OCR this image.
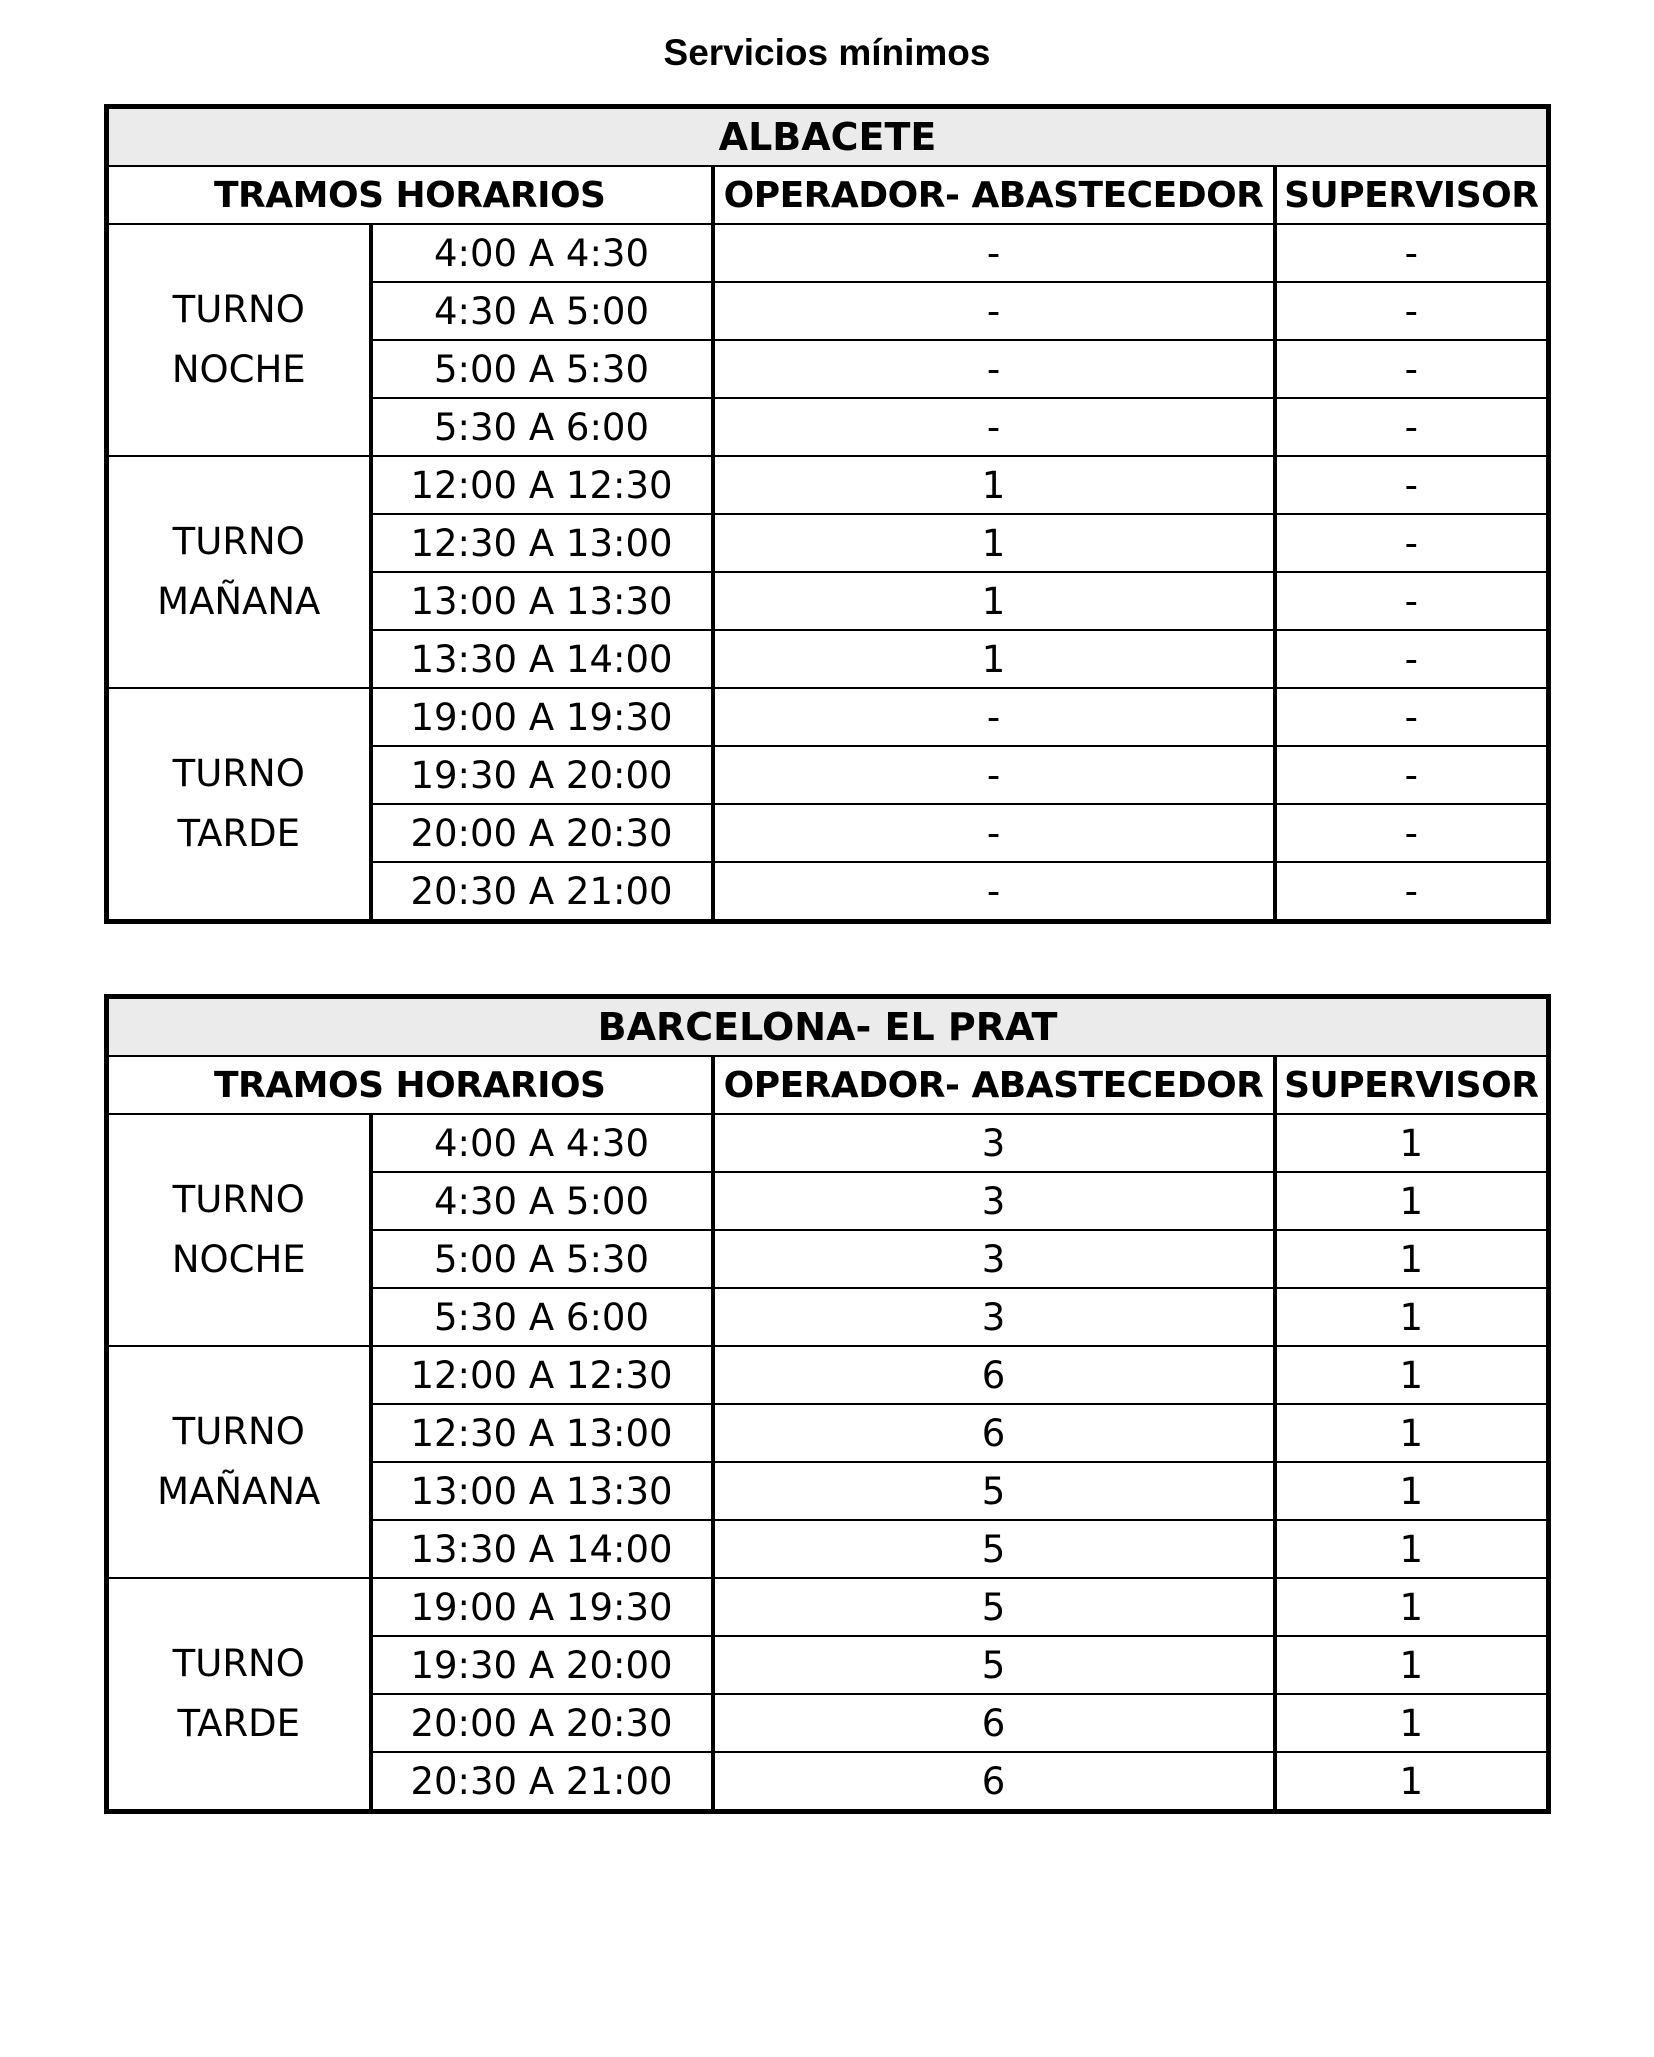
Servicios mínimos
ALBACETE			
TRAMOS HORARIOS		OPERADOR- ABASTECEDOR	SUPERVISOR
TURNO
NOCHE	4:00 A 4:30	-	-
	4:30 A 5:00	-	-
	5:00 A 5:30	-	-
	5:30 A 6:00	-	-
TURNO
MAÑANA	12:00 A 12:30	1	-
	12:30 A 13:00	1	-
	13:00 A 13:30	1	-
	13:30 A 14:00	1	-
TURNO
TARDE	19:00 A 19:30	-	-
	19:30 A 20:00	-	-
	20:00 A 20:30	-	-
	20:30 A 21:00	-	-
BARCELONA- EL PRAT			
TRAMOS HORARIOS		OPERADOR- ABASTECEDOR	SUPERVISOR
TURNO
NOCHE	4:00 A 4:30	3	1
	4:30 A 5:00	3	1
	5:00 A 5:30	3	1
	5:30 A 6:00	3	1
TURNO
MAÑANA	12:00 A 12:30	6	1
	12:30 A 13:00	6	1
	13:00 A 13:30	5	1
	13:30 A 14:00	5	1
TURNO
TARDE	19:00 A 19:30	5	1
	19:30 A 20:00	5	1
	20:00 A 20:30	6	1
	20:30 A 21:00	6	1
